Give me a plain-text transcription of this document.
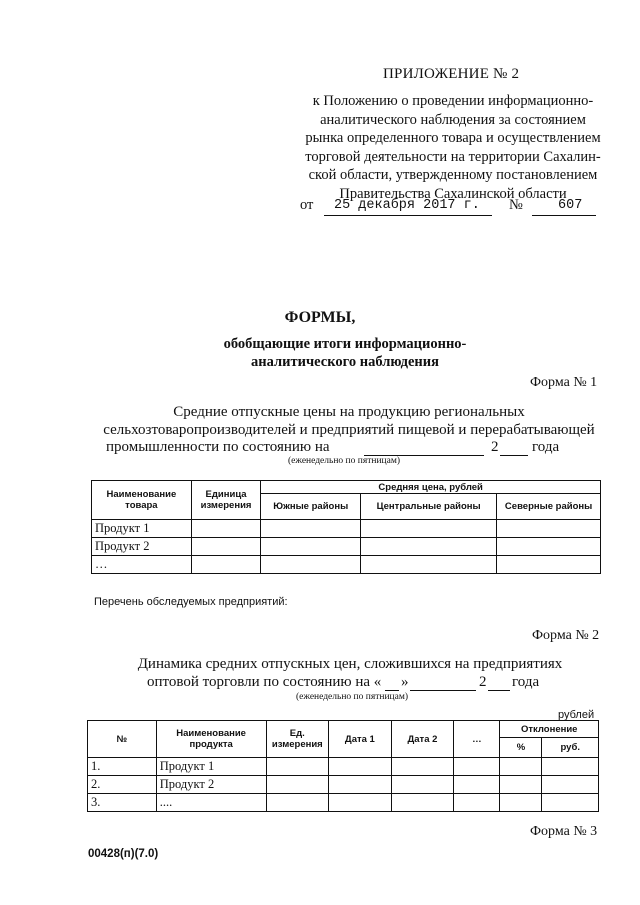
ПРИЛОЖЕНИЕ № 2
к Положению о проведении информационно-
аналитического наблюдения за состоянием
рынка определенного товара и осуществлением
торговой деятельности на территории Сахалин-
ской области, утвержденному постановлением
Правительства Сахалинской области
от 25 декабря 2017 г. №	607
ФОРМЫ,
обобщающие итоги информационно-
аналитического наблюдения
Форма № 1
Средние отпускные цены на продукцию региональных
сельхозтоваропроизводителей и предприятий пищевой и перерабатывающей
промышленности по состоянию на	2 года
(еженедельно по пятницам)
Наименование товара	Единица измерения	Средняя цена, рублей		
		Южные районы	Центральные районы	Северные районы
Продукт 1				
Продукт 2				
…				
Перечень обследуемых предприятий:
Форма № 2
Динамика средних отпускных цен, сложившихся на предприятиях
оптовой торговли по состоянию на « »	2 года
(еженедельно по пятницам)
рублей
№	Наименование продукта	Ед. измерения	Дата 1	Дата 2	…	Отклонение	
						%	руб.
1.	Продукт 1						
2.	Продукт 2						
3.	....						
Форма № 3
00428(п)(7.0)
